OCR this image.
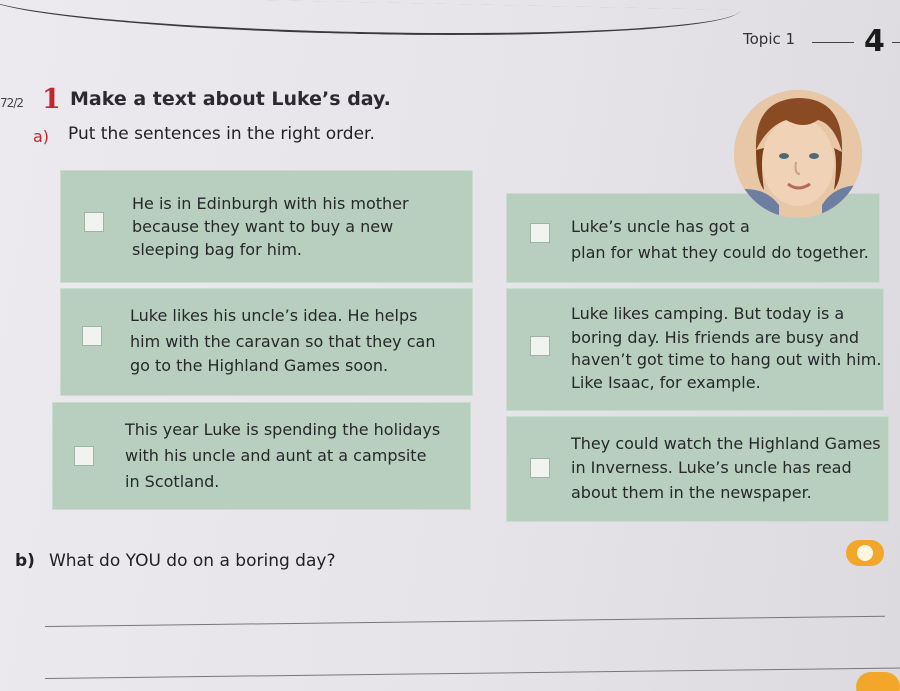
Topic 1 4
72/2 1 Make a text about Luke’s day.
a) Put the sentences in the right order.
He is in Edinburgh with his mother
because they want to buy a new
sleeping bag for him.
Luke’s uncle has got a
plan for what they could do together.
Luke likes his uncle’s idea. He helps
him with the caravan so that they can
go to the Highland Games soon.
Luke likes camping. But today is a
boring day. His friends are busy and
haven’t got time to hang out with him.
Like Isaac, for example.
This year Luke is spending the holidays
with his uncle and aunt at a campsite
in Scotland.
They could watch the Highland Games
in Inverness. Luke’s uncle has read
about them in the newspaper.
b) What do YOU do on a boring day?
